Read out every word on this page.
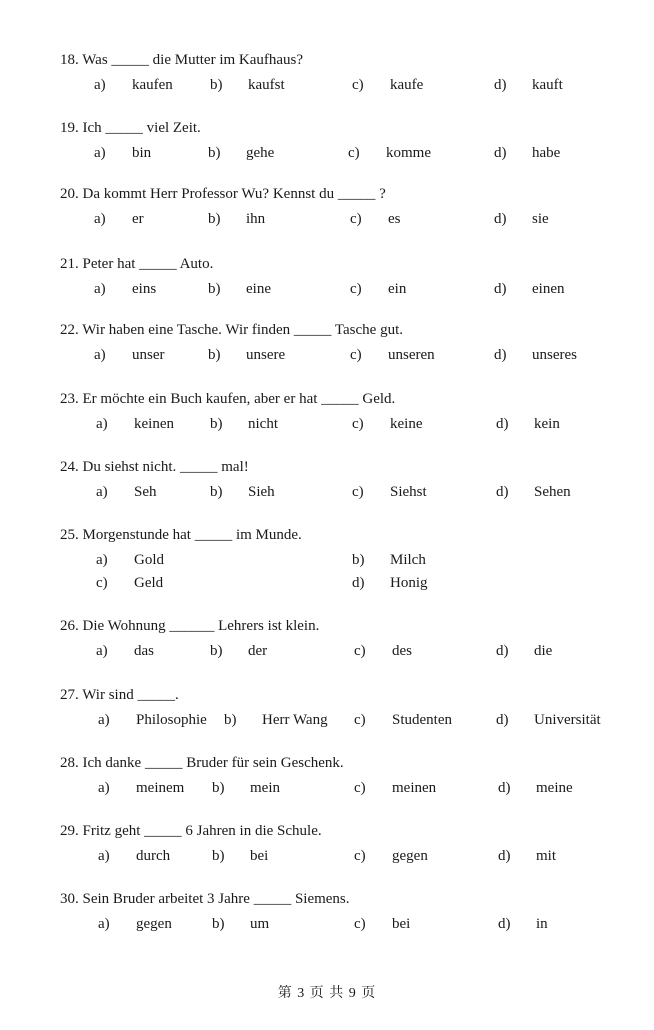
18. Was _____ die Mutter im Kaufhaus?
a) kaufen b) kaufst	c) kaufe	d) kauft
19. Ich _____ viel Zeit.
a) bin	b) gehe	c) komme	d) habe
20. Da kommt Herr Professor Wu? Kennst du _____ ?
a) er	b) ihn	c) es	d) sie
21. Peter hat _____ Auto.
a) eins	b) eine	c) ein	d) einen
22. Wir haben eine Tasche. Wir finden _____ Tasche gut.
a) unser	b) unsere	c) unseren	d) unseres
23. Er möchte ein Buch kaufen, aber er hat _____ Geld.
a) keinen b) nicht	c) keine	d) kein
24. Du siehst nicht. _____ mal!
a) Seh	b) Sieh	c) Siehst	d) Sehen
25. Morgenstunde hat _____ im Munde.
a) Gold	b) Milch
c) Geld	d) Honig
26. Die Wohnung ______ Lehrers ist klein.
a) das	b) der	c) des	d) die
27. Wir sind _____.
a) Philosophie b) Herr Wang c) Studenten	d) Universität
28. Ich danke _____ Bruder für sein Geschenk.
a) meinem b) mein	c) meinen	d) meine
29. Fritz geht _____ 6 Jahren in die Schule.
a) durch	b) bei	c) gegen	d) mit
30. Sein Bruder arbeitet 3 Jahre _____ Siemens.
a) gegen	b) um	c) bei	d) in
第 3 页 共 9 页
